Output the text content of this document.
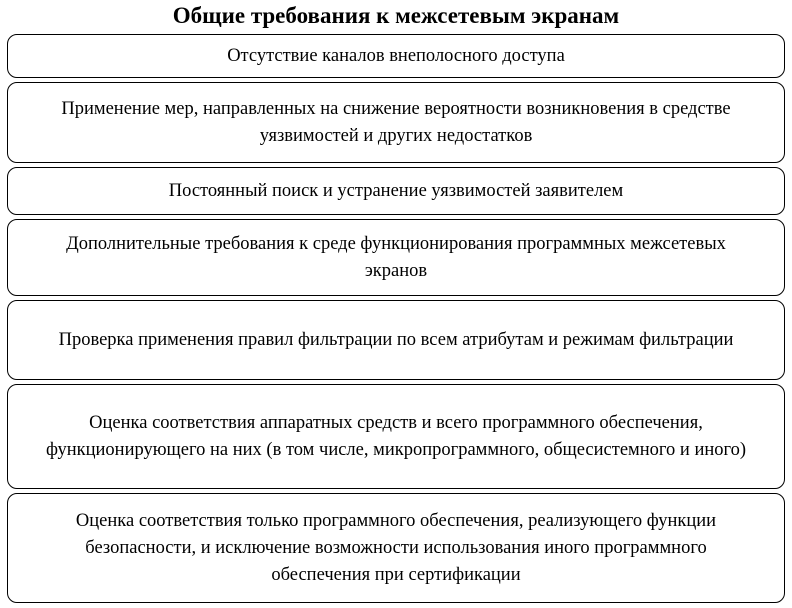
Общие требования к межсетевым экранам
Отсутствие каналов внеполосного доступа
Применение мер, направленных на снижение вероятности возникновения в средстве уязвимостей и других недостатков
Постоянный поиск и устранение уязвимостей заявителем
Дополнительные требования к среде функционирования программных межсетевых экранов
Проверка применения правил фильтрации по всем атрибутам и режимам фильтрации
Оценка соответствия аппаратных средств и всего программного обеспечения, функционирующего на них (в том числе, микропрограммного, общесистемного и иного)
Оценка соответствия только программного обеспечения, реализующего функции безопасности, и исключение возможности использования иного программного обеспечения при сертификации
